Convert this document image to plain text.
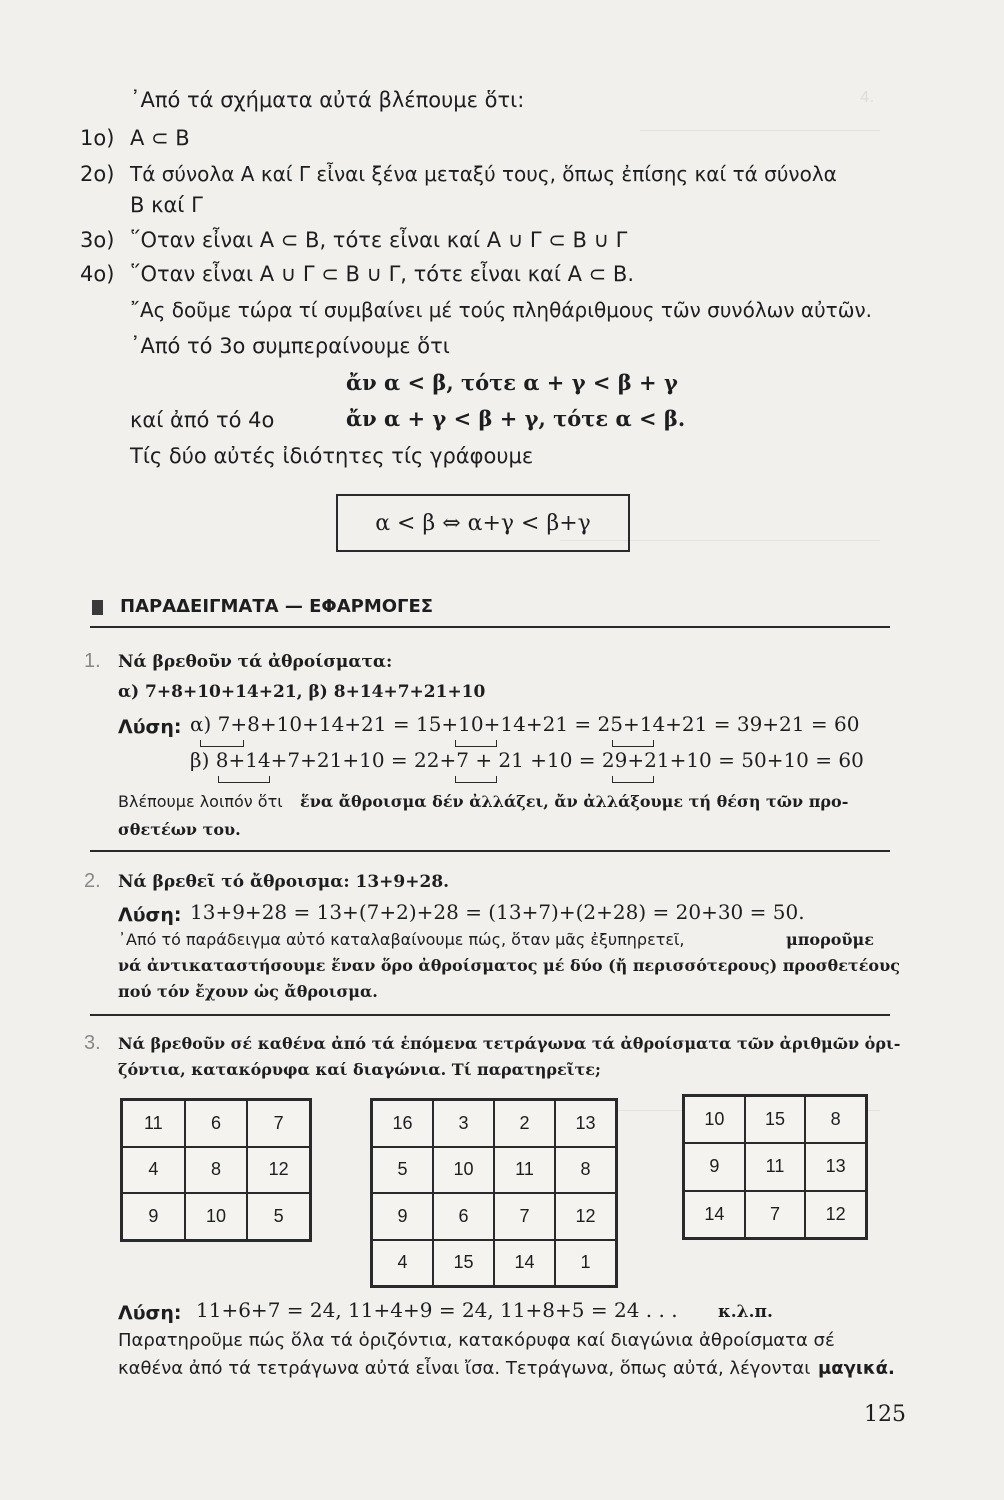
4.
᾿Από τά σχήματα αὐτά βλέπουμε ὅτι:
1ο) Α ⊂ Β
2ο) Τά σύνολα Α καί Γ εἶναι ξένα μεταξύ τους, ὅπως ἐπίσης καί τά σύνολα
Β καί Γ
3ο) ῞Οταν εἶναι Α ⊂ Β, τότε εἶναι καί Α ∪ Γ ⊂ Β ∪ Γ
4ο) ῞Οταν εἶναι Α ∪ Γ ⊂ Β ∪ Γ, τότε εἶναι καί Α ⊂ Β.
῎Ας δοῦμε τώρα τί συμβαίνει μέ τούς πληθάριθμους τῶν συνόλων αὐτῶν.
᾿Από τό 3ο συμπεραίνουμε ὅτι
ἄν α < β, τότε α + γ < β + γ
καί ἀπό τό 4ο	ἄν α + γ < β + γ, τότε α < β.
Τίς δύο αὐτές ἰδιότητες τίς γράφουμε
α < β ⇔ α+γ < β+γ
ΠΑΡΑΔΕΙΓΜΑΤΑ — ΕΦΑΡΜΟΓΕΣ
1. Νά βρεθοῦν τά ἀθροίσματα:
α) 7+8+10+14+21, β) 8+14+7+21+10
Λύση: α) 7+8+10+14+21 = 15+10+14+21 = 25+14+21 = 39+21 = 60
β) 8+14+7+21+10 = 22+7 + 21 +10 = 29+21+10 = 50+10 = 60
Βλέπουμε λοιπόν ὅτι ἕνα ἄθροισμα δέν ἀλλάζει, ἄν ἀλλάξουμε τή θέση τῶν προ-
σθετέων του.
2. Νά βρεθεῖ τό ἄθροισμα: 13+9+28.
Λύση: 13+9+28 = 13+(7+2)+28 = (13+7)+(2+28) = 20+30 = 50.
᾿Από τό παράδειγμα αὐτό καταλαβαίνουμε πώς, ὅταν μᾶς ἐξυπηρετεῖ,	μποροῦμε
νά ἀντικαταστήσουμε ἕναν ὅρο ἀθροίσματος μέ δύο (ἤ περισσότερους) προσθετέους
πού τόν ἔχουν ὡς ἄθροισμα.
3. Νά βρεθοῦν σέ καθένα ἀπό τά ἑπόμενα τετράγωνα τά ἀθροίσματα τῶν ἀριθμῶν ὁρι-
ζόντια, κατακόρυφα καί διαγώνια. Τί παρατηρεῖτε;
11	6	7
4	8	12
9	10	5
16	3	2	13
5	10	11	8
9	6	7	12
4	15	14	1
10	15	8
9	11	13
14	7	12
Λύση: 11+6+7 = 24, 11+4+9 = 24, 11+8+5 = 24 . . . κ.λ.π.
Παρατηροῦμε πώς ὅλα τά ὁριζόντια, κατακόρυφα καί διαγώνια ἀθροίσματα σέ
καθένα ἀπό τά τετράγωνα αὐτά εἶναι ἴσα. Τετράγωνα, ὅπως αὐτά, λέγονται μαγικά.
125
